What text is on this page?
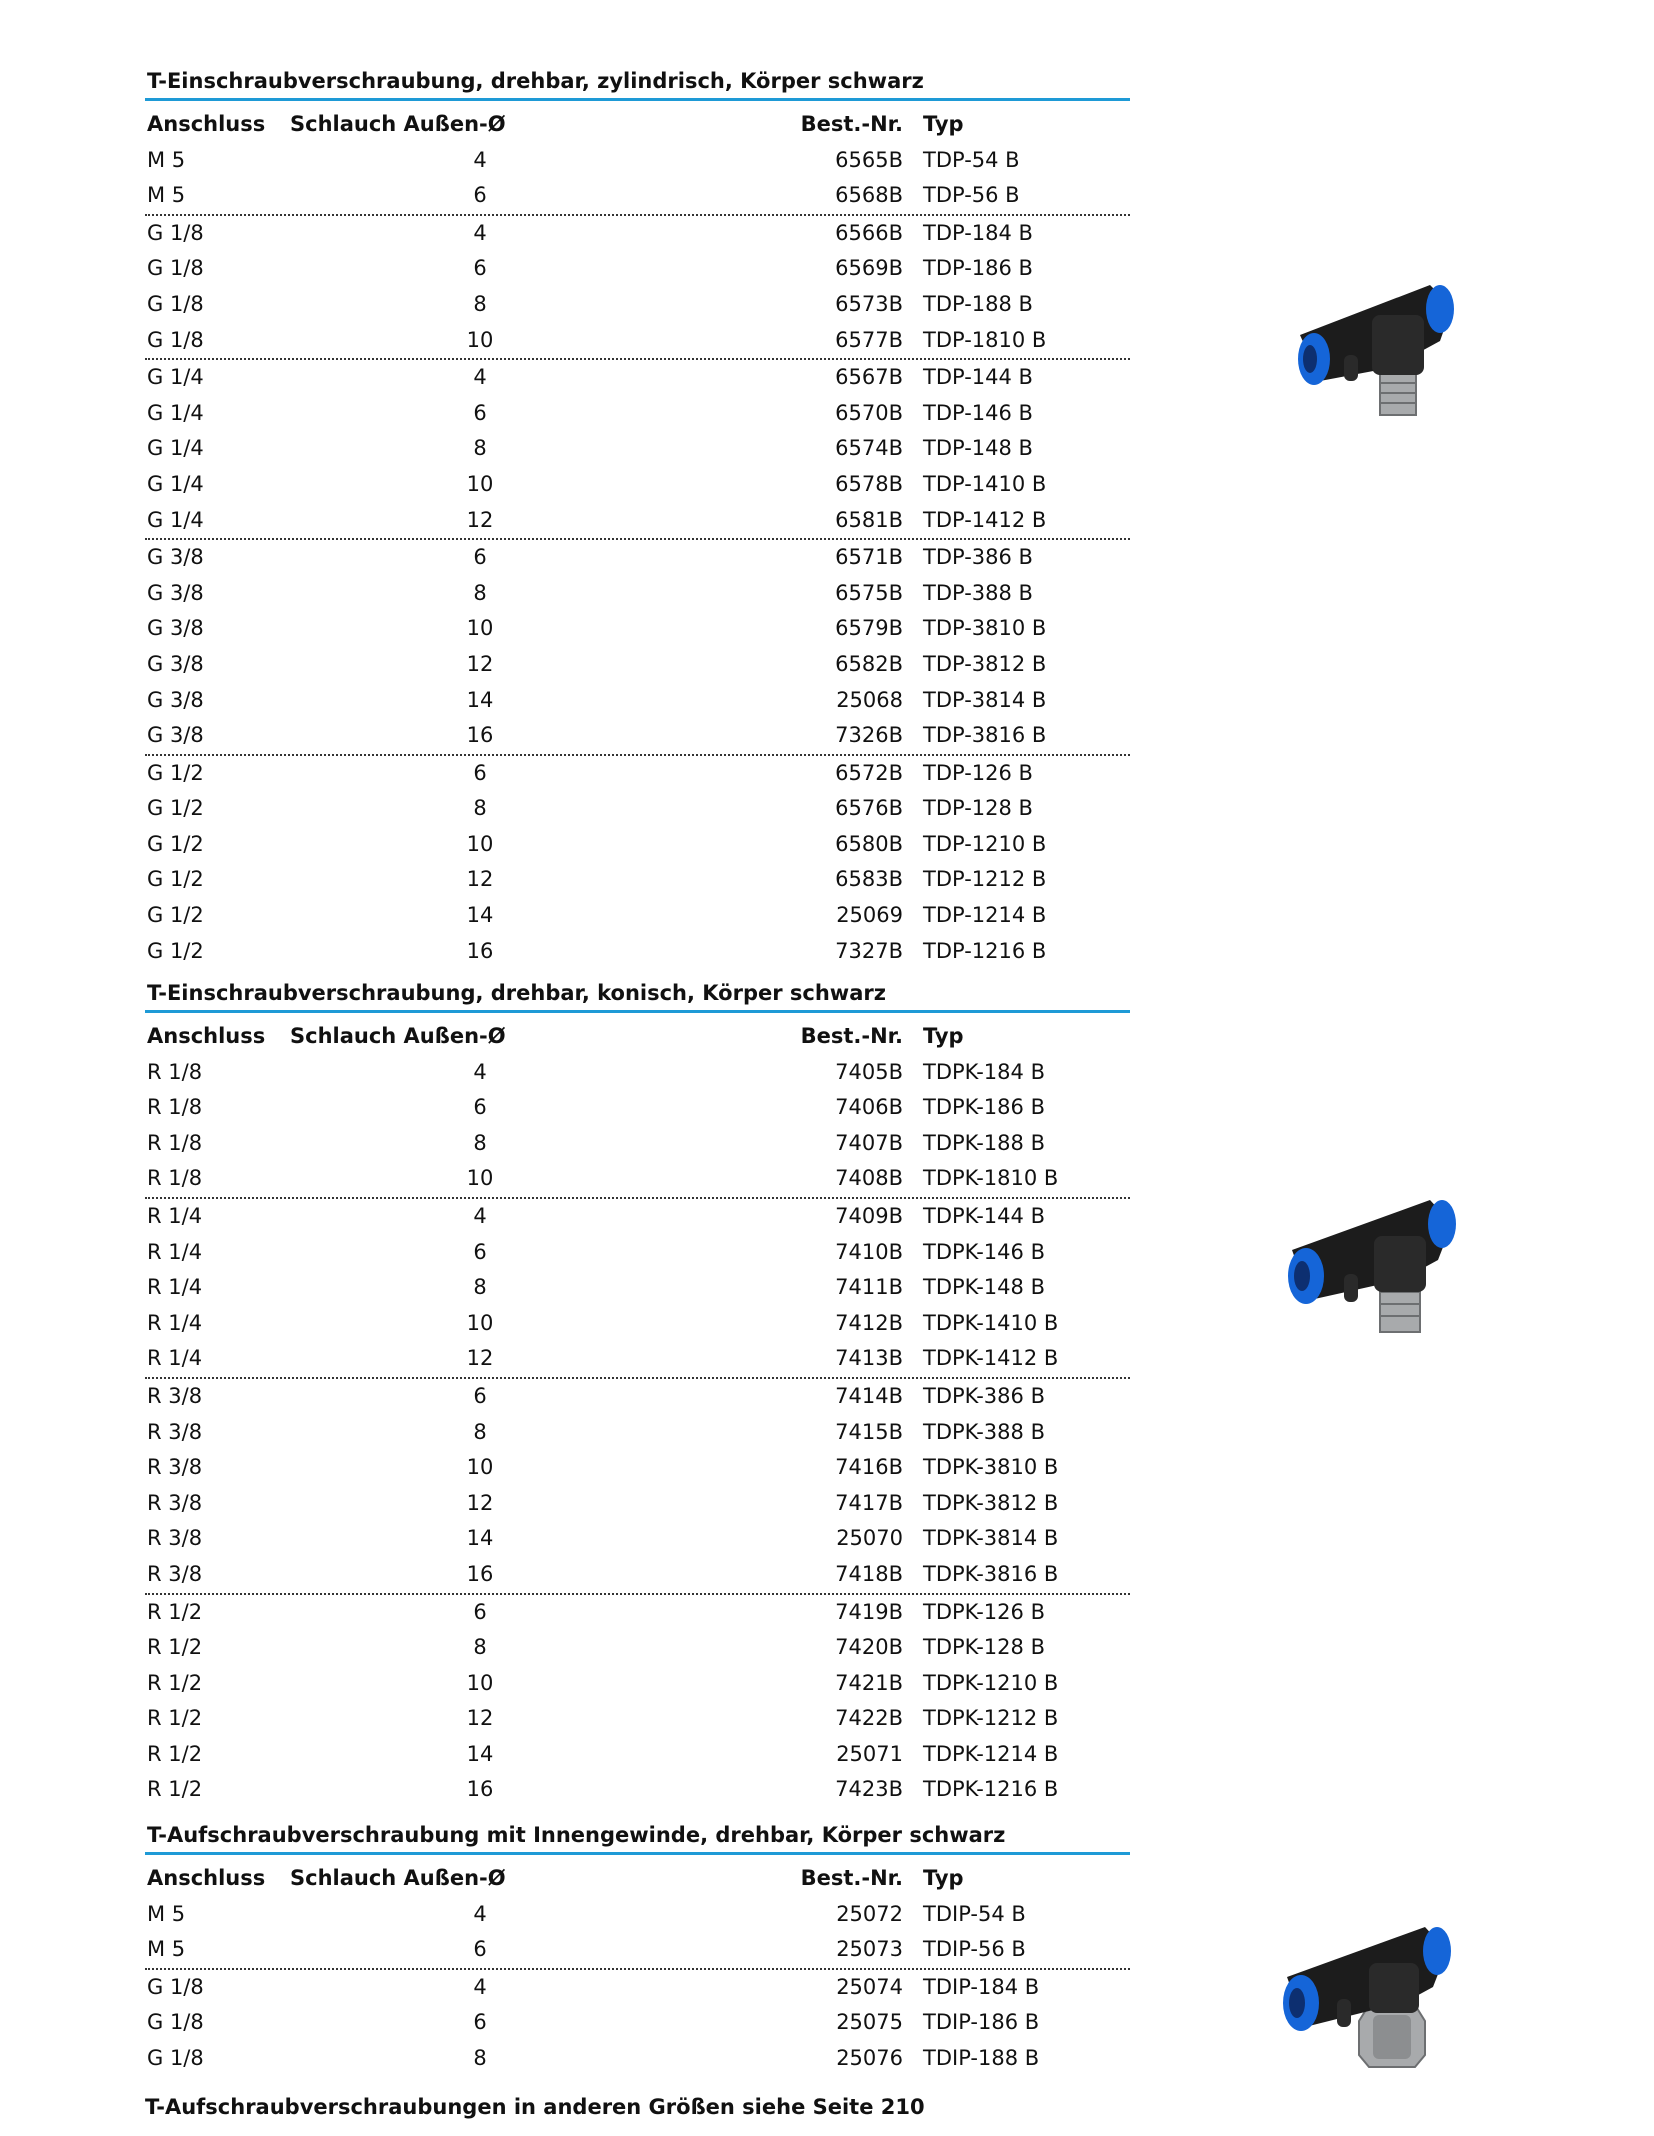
T-Einschraubverschraubung, drehbar, zylindrisch, Körper schwarz
Anschluss Schlauch Außen-Ø	Best.-Nr. Typ
M 5	4	6565B TDP-54 B
M 5	6	6568B TDP-56 B
G 1/8	4	6566B TDP-184 B
G 1/8	6	6569B TDP-186 B
G 1/8	8	6573B TDP-188 B
G 1/8	10	6577B TDP-1810 B
G 1/4	4	6567B TDP-144 B
G 1/4	6	6570B TDP-146 B
G 1/4	8	6574B TDP-148 B
G 1/4	10	6578B TDP-1410 B
G 1/4	12	6581B TDP-1412 B
G 3/8	6	6571B TDP-386 B
G 3/8	8	6575B TDP-388 B
G 3/8	10	6579B TDP-3810 B
G 3/8	12	6582B TDP-3812 B
G 3/8	14	25068 TDP-3814 B
G 3/8	16	7326B TDP-3816 B
G 1/2	6	6572B TDP-126 B
G 1/2	8	6576B TDP-128 B
G 1/2	10	6580B TDP-1210 B
G 1/2	12	6583B TDP-1212 B
G 1/2	14	25069 TDP-1214 B
G 1/2	16	7327B TDP-1216 B
T-Einschraubverschraubung, drehbar, konisch, Körper schwarz
Anschluss Schlauch Außen-Ø	Best.-Nr. Typ
R 1/8	4	7405B TDPK-184 B
R 1/8	6	7406B TDPK-186 B
R 1/8	8	7407B TDPK-188 B
R 1/8	10	7408B TDPK-1810 B
R 1/4	4	7409B TDPK-144 B
R 1/4	6	7410B TDPK-146 B
R 1/4	8	7411B TDPK-148 B
R 1/4	10	7412B TDPK-1410 B
R 1/4	12	7413B TDPK-1412 B
R 3/8	6	7414B TDPK-386 B
R 3/8	8	7415B TDPK-388 B
R 3/8	10	7416B TDPK-3810 B
R 3/8	12	7417B TDPK-3812 B
R 3/8	14	25070 TDPK-3814 B
R 3/8	16	7418B TDPK-3816 B
R 1/2	6	7419B TDPK-126 B
R 1/2	8	7420B TDPK-128 B
R 1/2	10	7421B TDPK-1210 B
R 1/2	12	7422B TDPK-1212 B
R 1/2	14	25071 TDPK-1214 B
R 1/2	16	7423B TDPK-1216 B
T-Aufschraubverschraubung mit Innengewinde, drehbar, Körper schwarz
Anschluss Schlauch Außen-Ø	Best.-Nr. Typ
M 5	4	25072 TDIP-54 B
M 5	6	25073 TDIP-56 B
G 1/8	4	25074 TDIP-184 B
G 1/8	6	25075 TDIP-186 B
G 1/8	8	25076 TDIP-188 B
T-Aufschraubverschraubungen in anderen Größen siehe Seite 210
